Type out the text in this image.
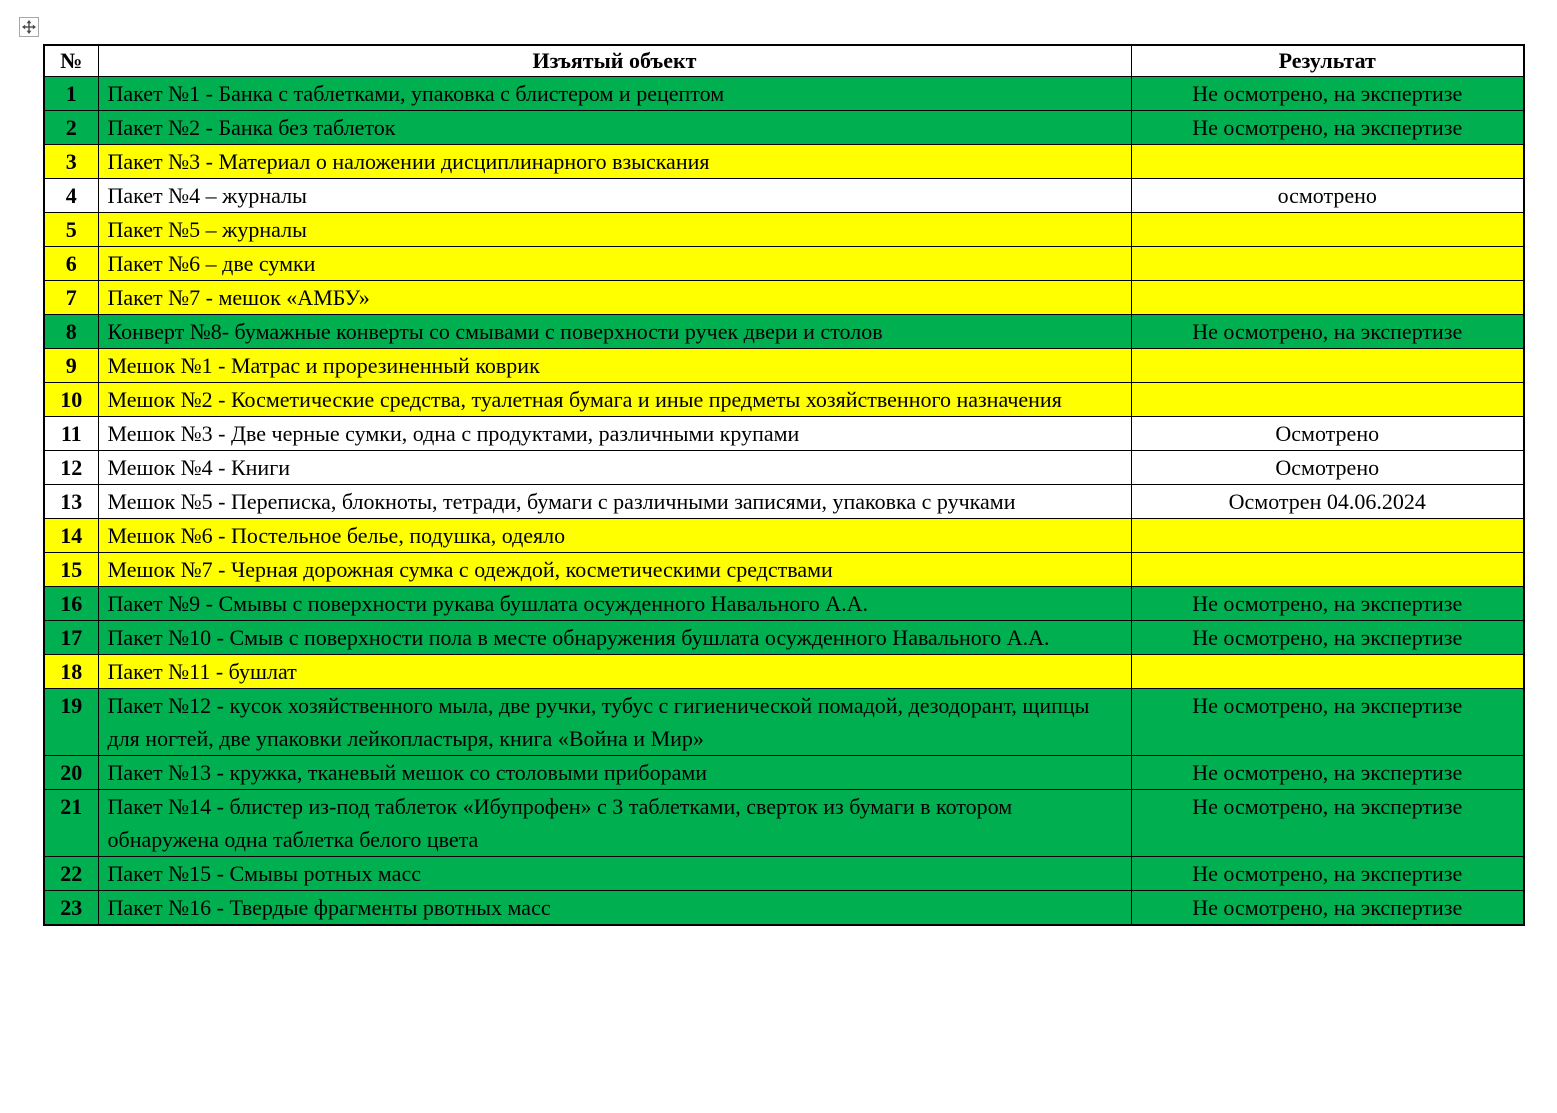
№	Изъятый объект	Результат
1	Пакет №1 - Банка с таблетками, упаковка с блистером и рецептом	Не осмотрено, на экспертизе
2	Пакет №2 - Банка без таблеток	Не осмотрено, на экспертизе
3	Пакет №3 - Материал о наложении дисциплинарного взыскания	
4	Пакет №4 – журналы	осмотрено
5	Пакет №5 – журналы	
6	Пакет №6 – две сумки	
7	Пакет №7 - мешок «АМБУ»	
8	Конверт №8- бумажные конверты со смывами с поверхности ручек двери и столов	Не осмотрено, на экспертизе
9	Мешок №1 - Матрас и прорезиненный коврик	
10	Мешок №2 - Косметические средства, туалетная бумага и иные предметы хозяйственного назначения	
11	Мешок №3 - Две черные сумки, одна с продуктами, различными крупами	Осмотрено
12	Мешок №4 - Книги	Осмотрено
13	Мешок №5 - Переписка, блокноты, тетради, бумаги с различными записями, упаковка с ручками	Осмотрен 04.06.2024
14	Мешок №6 - Постельное белье, подушка, одеяло	
15	Мешок №7 - Черная дорожная сумка с одеждой, косметическими средствами	
16	Пакет №9 - Смывы с поверхности рукава бушлата осужденного Навального А.А.	Не осмотрено, на экспертизе
17	Пакет №10 - Смыв с поверхности пола в месте обнаружения бушлата осужденного Навального А.А.	Не осмотрено, на экспертизе
18	Пакет №11 - бушлат	
19	Пакет №12 - кусок хозяйственного мыла, две ручки, тубус с гигиенической помадой, дезодорант, щипцы для ногтей, две упаковки лейкопластыря, книга «Война и Мир»	Не осмотрено, на экспертизе
20	Пакет №13 - кружка, тканевый мешок со столовыми приборами	Не осмотрено, на экспертизе
21	Пакет №14 - блистер из-под таблеток «Ибупрофен» с 3 таблетками, сверток из бумаги в котором обнаружена одна таблетка белого цвета	Не осмотрено, на экспертизе
22	Пакет №15 - Смывы ротных масс	Не осмотрено, на экспертизе
23	Пакет №16 - Твердые фрагменты рвотных масс	Не осмотрено, на экспертизе
